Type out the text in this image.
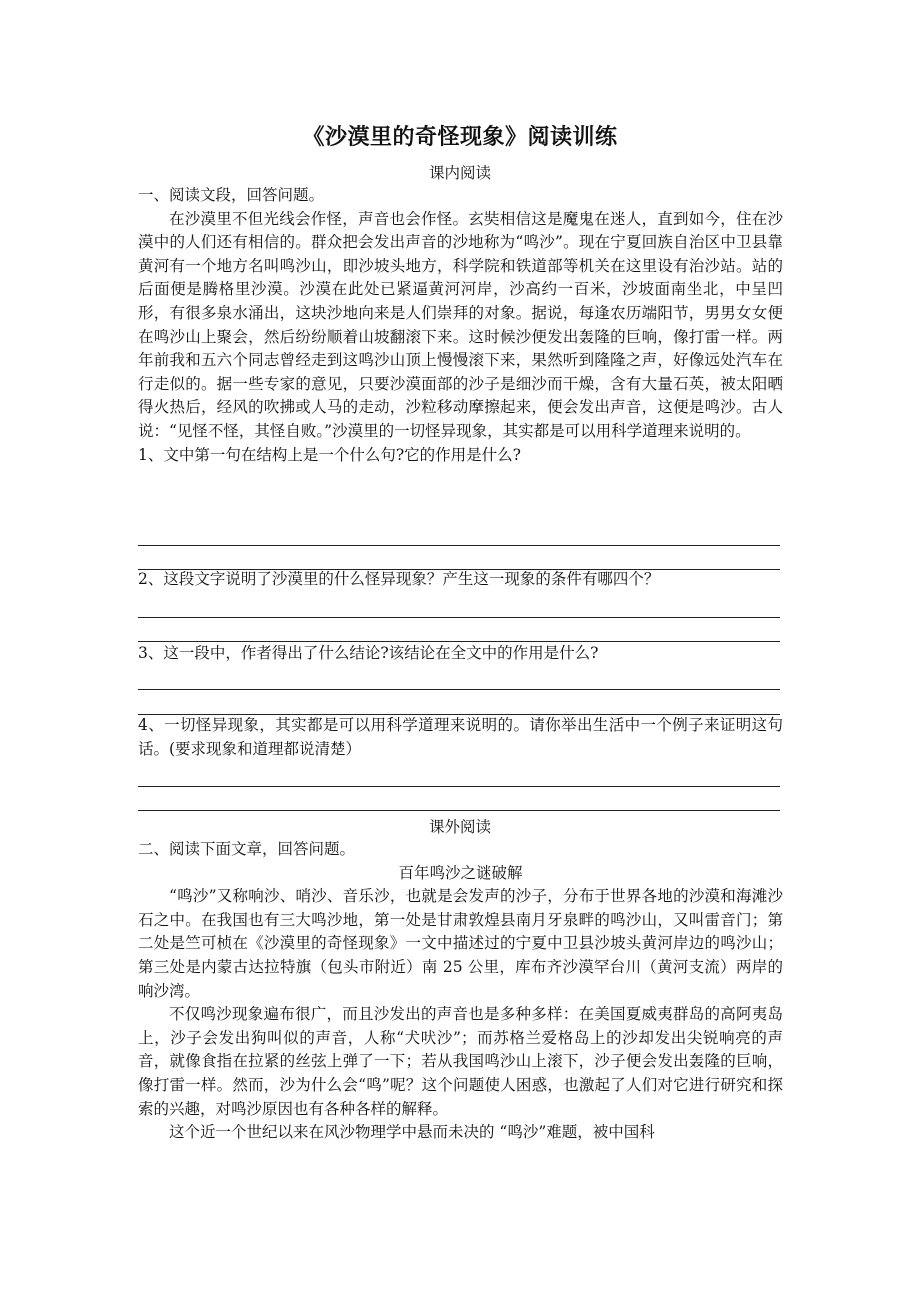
《沙漠里的奇怪现象》阅读训练
课内阅读

一、阅读文段，回答问题。

在沙漠里不但光线会作怪，声音也会作怪。玄奘相信这是魔鬼在迷人，直到如今，住在沙漠中的人们还有相信的。群众把会发出声音的沙地称为“鸣沙”。现在宁夏回族自治区中卫县靠黄河有一个地方名叫鸣沙山，即沙坡头地方，科学院和铁道部等机关在这里设有治沙站。站的后面便是腾格里沙漠。沙漠在此处已紧逼黄河河岸，沙高约一百米，沙坡面南坐北，中呈凹形，有很多泉水涌出，这块沙地向来是人们崇拜的对象。据说，每逢农历端阳节，男男女女便在鸣沙山上聚会，然后纷纷顺着山坡翻滚下来。这时候沙便发出轰隆的巨响，像打雷一样。两年前我和五六个同志曾经走到这鸣沙山顶上慢慢滚下来，果然听到隆隆之声，好像远处汽车在行走似的。据一些专家的意见，只要沙漠面部的沙子是细沙而干燥，含有大量石英，被太阳晒得火热后，经风的吹拂或人马的走动，沙粒移动摩擦起来，便会发出声音，这便是鸣沙。古人说：“见怪不怪，其怪自败。”沙漠里的一切怪异现象，其实都是可以用科学道理来说明的。

1、文中第一句在结构上是一个什么句?它的作用是什么?

2、这段文字说明了沙漠里的什么怪异现象？产生这一现象的条件有哪四个？

3、这一段中，作者得出了什么结论?该结论在全文中的作用是什么?

4、一切怪异现象，其实都是可以用科学道理来说明的。请你举出生活中一个例子来证明这句话。(要求现象和道理都说清楚）

课外阅读

二、阅读下面文章，回答问题。

百年鸣沙之谜破解

“鸣沙”又称响沙、哨沙、音乐沙，也就是会发声的沙子，分布于世界各地的沙漠和海滩沙石之中。在我国也有三大鸣沙地，第一处是甘肃敦煌县南月牙泉畔的鸣沙山，又叫雷音门；第二处是竺可桢在《沙漠里的奇怪现象》一文中描述过的宁夏中卫县沙坡头黄河岸边的鸣沙山；第三处是内蒙古达拉特旗（包头市附近）南 25 公里，库布齐沙漠罕台川（黄河支流）两岸的响沙湾。

不仅鸣沙现象遍布很广，而且沙发出的声音也是多种多样：在美国夏威夷群岛的高阿夷岛上，沙子会发出狗叫似的声音，人称“犬吠沙”；而苏格兰爱格岛上的沙却发出尖锐响亮的声音，就像食指在拉紧的丝弦上弹了一下；若从我国鸣沙山上滚下，沙子便会发出轰隆的巨响，像打雷一样。然而，沙为什么会“鸣”呢？这个问题使人困惑，也激起了人们对它进行研究和探索的兴趣，对鸣沙原因也有各种各样的解释。

这个近一个世纪以来在风沙物理学中悬而未决的 “鸣沙”难题，被中国科
